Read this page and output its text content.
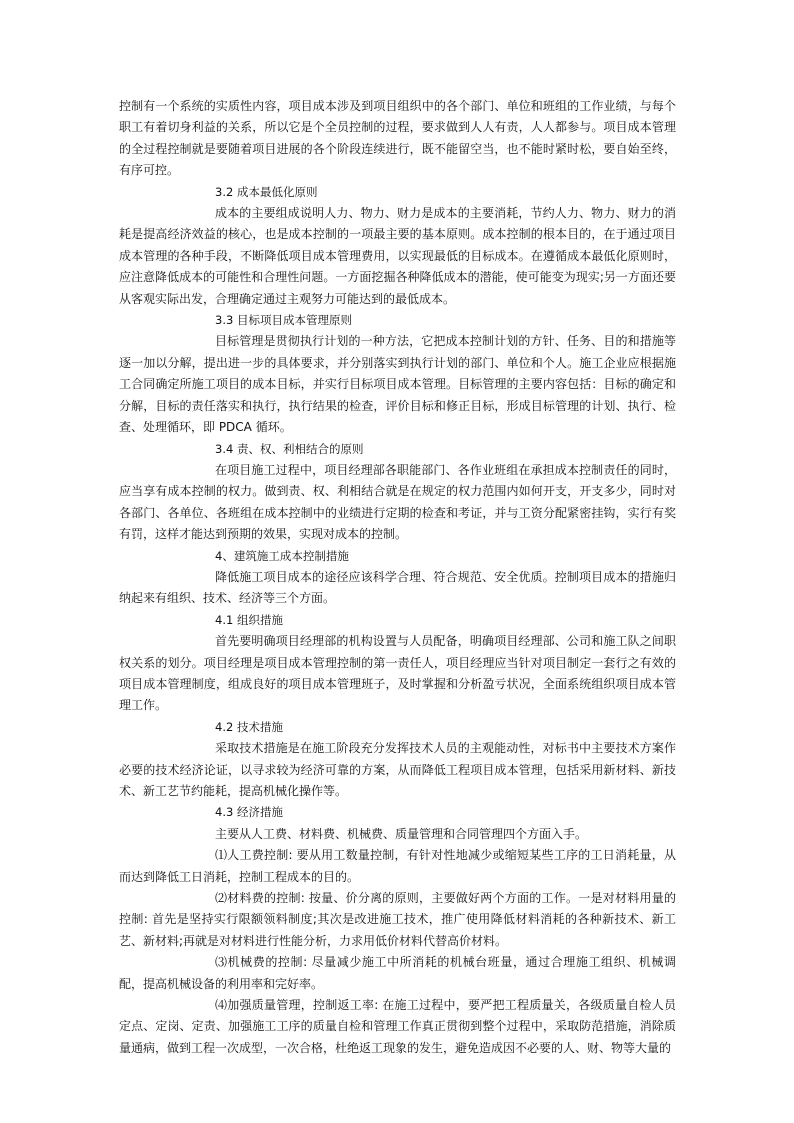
控制有一个系统的实质性内容，项目成本涉及到项目组织中的各个部门、单位和班组的工作业绩，与每个职工有着切身利益的关系，所以它是个全员控制的过程，要求做到人人有责，人人都参与。项目成本管理的全过程控制就是要随着项目进展的各个阶段连续进行，既不能留空当，也不能时紧时松，要自始至终，有序可控。

3.2 成本最低化原则

成本的主要组成说明人力、物力、财力是成本的主要消耗，节约人力、物力、财力的消耗是提高经济效益的核心，也是成本控制的一项最主要的基本原则。成本控制的根本目的，在于通过项目成本管理的各种手段，不断降低项目成本管理费用，以实现最低的目标成本。在遵循成本最低化原则时，应注意降低成本的可能性和合理性问题。一方面挖掘各种降低成本的潜能，使可能变为现实;另一方面还要从客观实际出发，合理确定通过主观努力可能达到的最低成本。

3.3 目标项目成本管理原则

目标管理是贯彻执行计划的一种方法，它把成本控制计划的方针、任务、目的和措施等逐一加以分解，提出进一步的具体要求，并分别落实到执行计划的部门、单位和个人。施工企业应根据施工合同确定所施工项目的成本目标，并实行目标项目成本管理。目标管理的主要内容包括：目标的确定和分解，目标的责任落实和执行，执行结果的检查，评价目标和修正目标，形成目标管理的计划、执行、检查、处理循环，即 PDCA 循环。

3.4 责、权、利相结合的原则

在项目施工过程中，项目经理部各职能部门、各作业班组在承担成本控制责任的同时，应当享有成本控制的权力。做到责、权、利相结合就是在规定的权力范围内如何开支，开支多少，同时对各部门、各单位、各班组在成本控制中的业绩进行定期的检查和考证，并与工资分配紧密挂钩，实行有奖有罚，这样才能达到预期的效果，实现对成本的控制。

4、建筑施工成本控制措施

降低施工项目成本的途径应该科学合理、符合规范、安全优质。控制项目成本的措施归纳起来有组织、技术、经济等三个方面。

4.1 组织措施

首先要明确项目经理部的机构设置与人员配备，明确项目经理部、公司和施工队之间职权关系的划分。项目经理是项目成本管理控制的第一责任人，项目经理应当针对项目制定一套行之有效的项目成本管理制度，组成良好的项目成本管理班子，及时掌握和分析盈亏状况，全面系统组织项目成本管理工作。

4.2 技术措施

采取技术措施是在施工阶段充分发挥技术人员的主观能动性，对标书中主要技术方案作必要的技术经济论证，以寻求较为经济可靠的方案，从而降低工程项目成本管理，包括采用新材料、新技术、新工艺节约能耗，提高机械化操作等。

4.3 经济措施

主要从人工费、材料费、机械费、质量管理和合同管理四个方面入手。

⑴人工费控制: 要从用工数量控制，有针对性地减少或缩短某些工序的工日消耗量，从而达到降低工日消耗，控制工程成本的目的。

⑵材料费的控制: 按量、价分离的原则，主要做好两个方面的工作。一是对材料用量的控制: 首先是坚持实行限额领料制度;其次是改进施工技术，推广使用降低材料消耗的各种新技术、新工艺、新材料;再就是对材料进行性能分析，力求用低价材料代替高价材料。

⑶机械费的控制: 尽量减少施工中所消耗的机械台班量，通过合理施工组织、机械调配，提高机械设备的利用率和完好率。

⑷加强质量管理，控制返工率: 在施工过程中，要严把工程质量关，各级质量自检人员定点、定岗、定责、加强施工工序的质量自检和管理工作真正贯彻到整个过程中，采取防范措施，消除质量通病，做到工程一次成型，一次合格，杜绝返工现象的发生，避免造成因不必要的人、财、物等大量的
